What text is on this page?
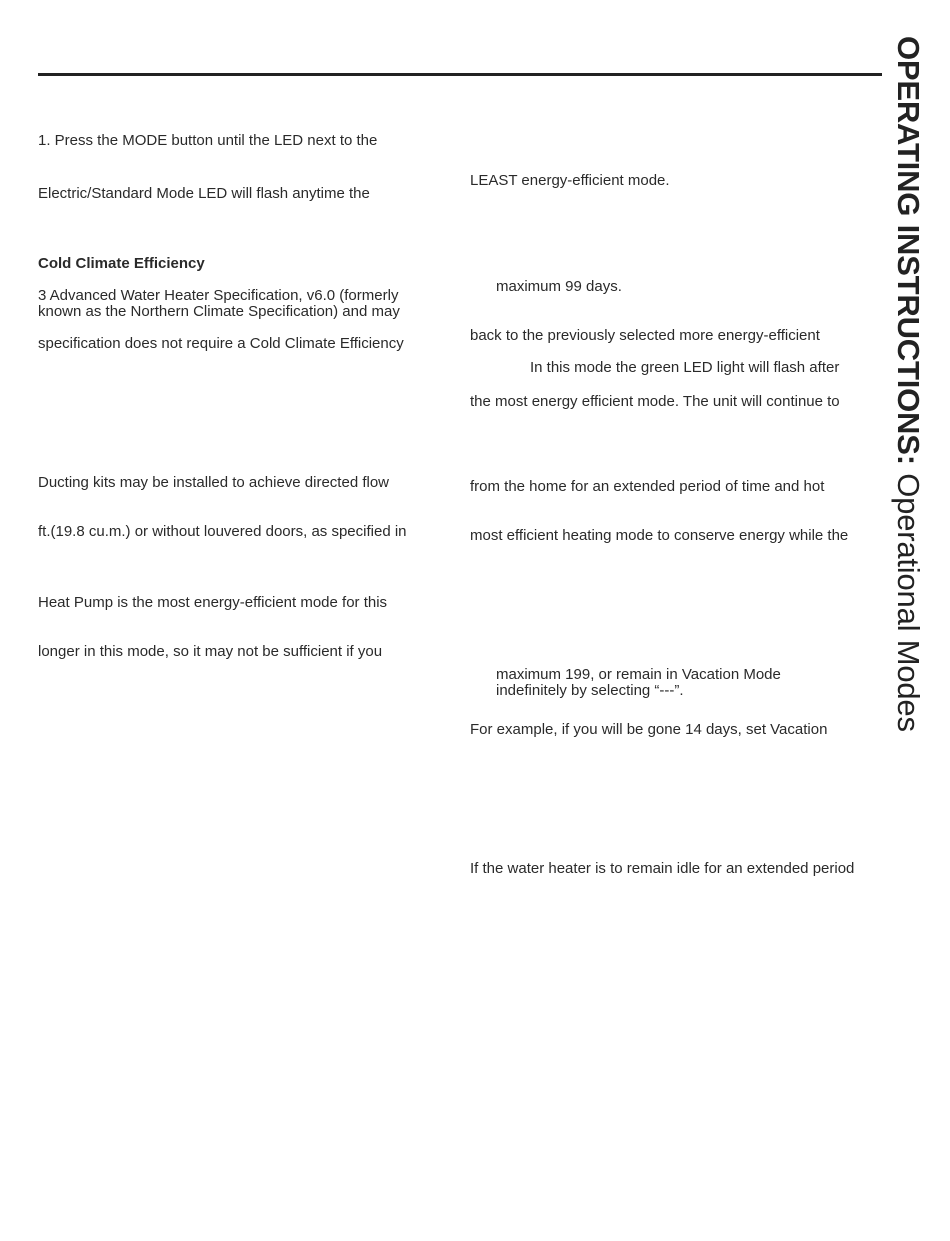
1. Press the MODE button until the LED next to the
Electric/Standard Mode LED will flash anytime the
Cold Climate Efficiency
3 Advanced Water Heater Specification, v6.0 (formerly
known as the Northern Climate Specification) and may
specification does not require a Cold Climate Efficiency
Ducting kits may be installed to achieve directed flow
ft.(19.8 cu.m.) or without louvered doors, as specified in
Heat Pump is the most energy-efficient mode for this
longer in this mode, so it may not be sufficient if you
LEAST energy-efficient mode.
maximum 99 days.
back to the previously selected more energy-efficient
In this mode the green LED light will flash after
the most energy efficient mode. The unit will continue to
from the home for an extended period of time and hot
most efficient heating mode to conserve energy while the
maximum 199, or remain in Vacation Mode
indefinitely by selecting “---”.
For example, if you will be gone 14 days, set Vacation
If the water heater is to remain idle for an extended period
OPERATING INSTRUCTIONS: Operational Modes
